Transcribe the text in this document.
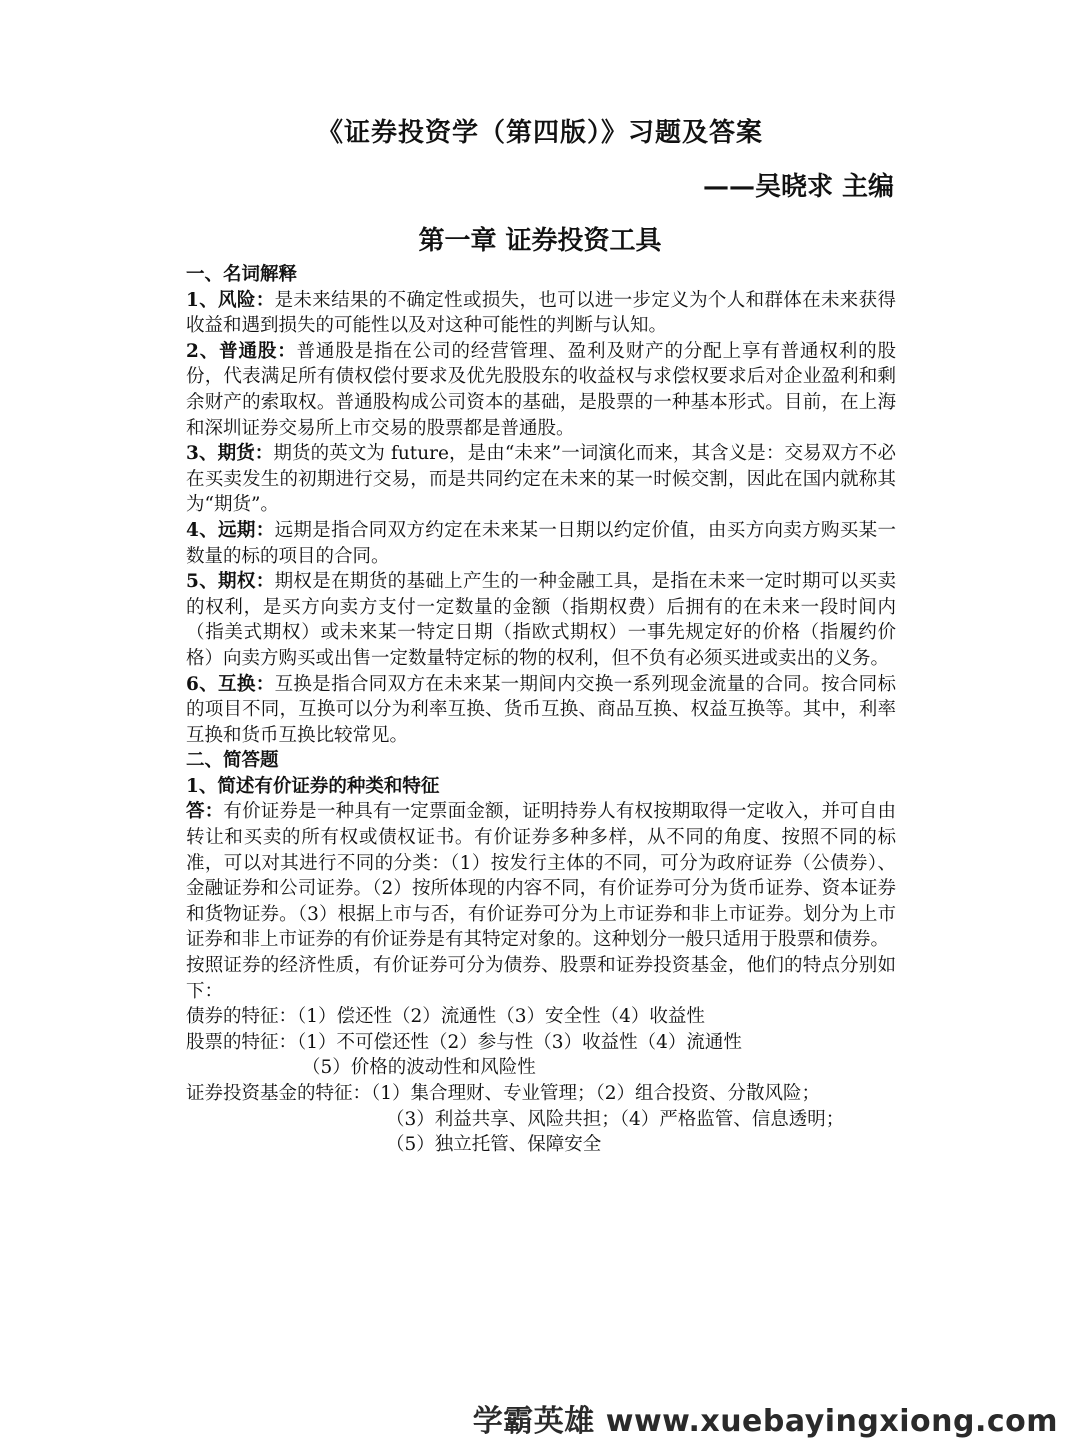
《证券投资学（第四版）》习题及答案
——吴晓求 主编
第一章 证券投资工具

一、名词解释

1、风险：是未来结果的不确定性或损失，也可以进一步定义为个人和群体在未来获得收益和遇到损失的可能性以及对这种可能性的判断与认知。

2、普通股：普通股是指在公司的经营管理、盈利及财产的分配上享有普通权利的股份，代表满足所有债权偿付要求及优先股股东的收益权与求偿权要求后对企业盈利和剩余财产的索取权。普通股构成公司资本的基础，是股票的一种基本形式。目前，在上海和深圳证券交易所上市交易的股票都是普通股。

3、期货：期货的英文为 future，是由“未来”一词演化而来，其含义是：交易双方不必在买卖发生的初期进行交易，而是共同约定在未来的某一时候交割，因此在国内就称其为“期货”。

4、远期：远期是指合同双方约定在未来某一日期以约定价值，由买方向卖方购买某一数量的标的项目的合同。

5、期权：期权是在期货的基础上产生的一种金融工具，是指在未来一定时期可以买卖的权利，是买方向卖方支付一定数量的金额（指期权费）后拥有的在未来一段时间内（指美式期权）或未来某一特定日期（指欧式期权）一事先规定好的价格（指履约价格）向卖方购买或出售一定数量特定标的物的权利，但不负有必须买进或卖出的义务。

6、互换：互换是指合同双方在未来某一期间内交换一系列现金流量的合同。按合同标的项目不同，互换可以分为利率互换、货币互换、商品互换、权益互换等。其中，利率互换和货币互换比较常见。

二、简答题

1、简述有价证券的种类和特征

答：有价证券是一种具有一定票面金额，证明持券人有权按期取得一定收入，并可自由转让和买卖的所有权或债权证书。有价证券多种多样，从不同的角度、按照不同的标准，可以对其进行不同的分类：（1）按发行主体的不同，可分为政府证券（公债券）、金融证券和公司证券。（2）按所体现的内容不同，有价证券可分为货币证券、资本证券和货物证券。（3）根据上市与否，有价证券可分为上市证券和非上市证券。划分为上市证券和非上市证券的有价证券是有其特定对象的。这种划分一般只适用于股票和债券。

按照证券的经济性质，有价证券可分为债券、股票和证券投资基金，他们的特点分别如下：

债券的特征：（1）偿还性（2）流通性（3）安全性（4）收益性

股票的特征：（1）不可偿还性（2）参与性（3）收益性（4）流通性

（5）价格的波动性和风险性

证券投资基金的特征：（1）集合理财、专业管理；（2）组合投资、分散风险；

（3）利益共享、风险共担；（4）严格监管、信息透明；

（5）独立托管、保障安全

学霸英雄 www.xuebayingxiong.com
